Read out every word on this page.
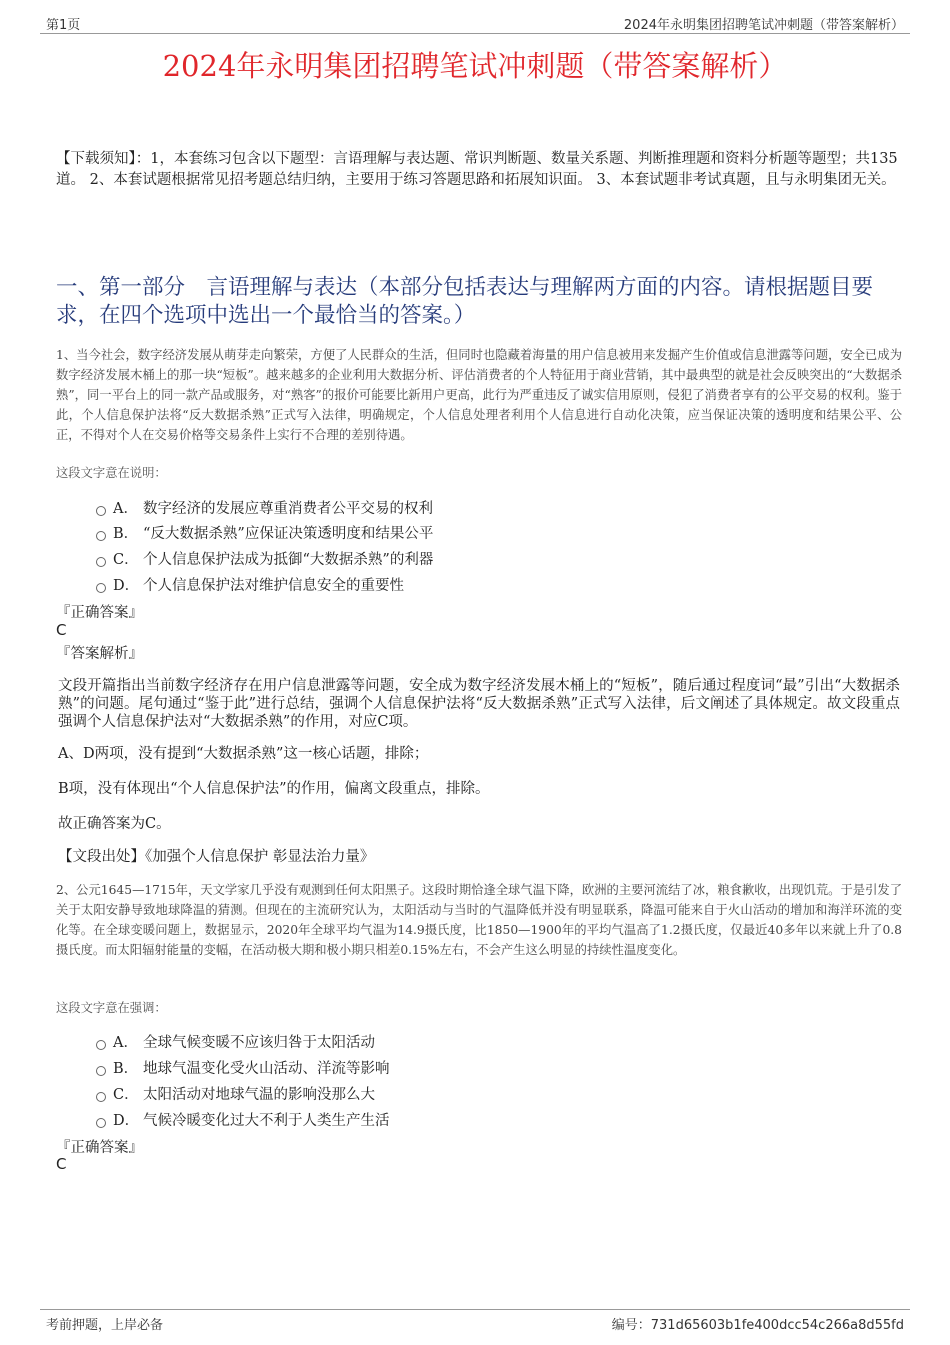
第1页	2024年永明集团招聘笔试冲刺题（带答案解析）
2024年永明集团招聘笔试冲刺题（带答案解析）
【下载须知】：1，本套练习包含以下题型：言语理解与表达题、常识判断题、数量关系题、判断推理题和资料分析题等题型；共135道。 2、本套试题根据常见招考题总结归纳，主要用于练习答题思路和拓展知识面。 3、本套试题非考试真题，且与永明集团无关。
一、第一部分　言语理解与表达（本部分包括表达与理解两方面的内容。请根据题目要求，在四个选项中选出一个最恰当的答案。）
1、当今社会，数字经济发展从萌芽走向繁荣，方便了人民群众的生活，但同时也隐藏着海量的用户信息被用来发掘产生价值或信息泄露等问题，安全已成为数字经济发展木桶上的那一块“短板”。越来越多的企业利用大数据分析、评估消费者的个人特征用于商业营销，其中最典型的就是社会反映突出的“大数据杀熟”，同一平台上的同一款产品或服务，对“熟客”的报价可能要比新用户更高，此行为严重违反了诚实信用原则，侵犯了消费者享有的公平交易的权利。鉴于此，个人信息保护法将“反大数据杀熟”正式写入法律，明确规定，个人信息处理者利用个人信息进行自动化决策，应当保证决策的透明度和结果公平、公正，不得对个人在交易价格等交易条件上实行不合理的差别待遇。
这段文字意在说明：
A． 数字经济的发展应尊重消费者公平交易的权利
B． “反大数据杀熟”应保证决策透明度和结果公平
C． 个人信息保护法成为抵御“大数据杀熟”的利器
D． 个人信息保护法对维护信息安全的重要性
『正确答案』
C
『答案解析』
文段开篇指出当前数字经济存在用户信息泄露等问题，安全成为数字经济发展木桶上的“短板”，随后通过程度词“最”引出“大数据杀熟”的问题。尾句通过“鉴于此”进行总结，强调个人信息保护法将“反大数据杀熟”正式写入法律，后文阐述了具体规定。故文段重点强调个人信息保护法对“大数据杀熟”的作用，对应C项。
A、D两项，没有提到“大数据杀熟”这一核心话题，排除；
B项，没有体现出“个人信息保护法”的作用，偏离文段重点，排除。
故正确答案为C。
【文段出处】《加强个人信息保护 彰显法治力量》
2、公元1645—1715年，天文学家几乎没有观测到任何太阳黑子。这段时期恰逢全球气温下降，欧洲的主要河流结了冰，粮食歉收，出现饥荒。于是引发了关于太阳安静导致地球降温的猜测。但现在的主流研究认为，太阳活动与当时的气温降低并没有明显联系，降温可能来自于火山活动的增加和海洋环流的变化等。在全球变暖问题上，数据显示，2020年全球平均气温为14.9摄氏度，比1850—1900年的平均气温高了1.2摄氏度，仅最近40多年以来就上升了0.8摄氏度。而太阳辐射能量的变幅，在活动极大期和极小期只相差0.15%左右，不会产生这么明显的持续性温度变化。
这段文字意在强调：
A． 全球气候变暖不应该归咎于太阳活动
B． 地球气温变化受火山活动、洋流等影响
C． 太阳活动对地球气温的影响没那么大
D． 气候冷暖变化过大不利于人类生产生活
『正确答案』
C
考前押题，上岸必备	编号：731d65603b1fe400dcc54c266a8d55fd
